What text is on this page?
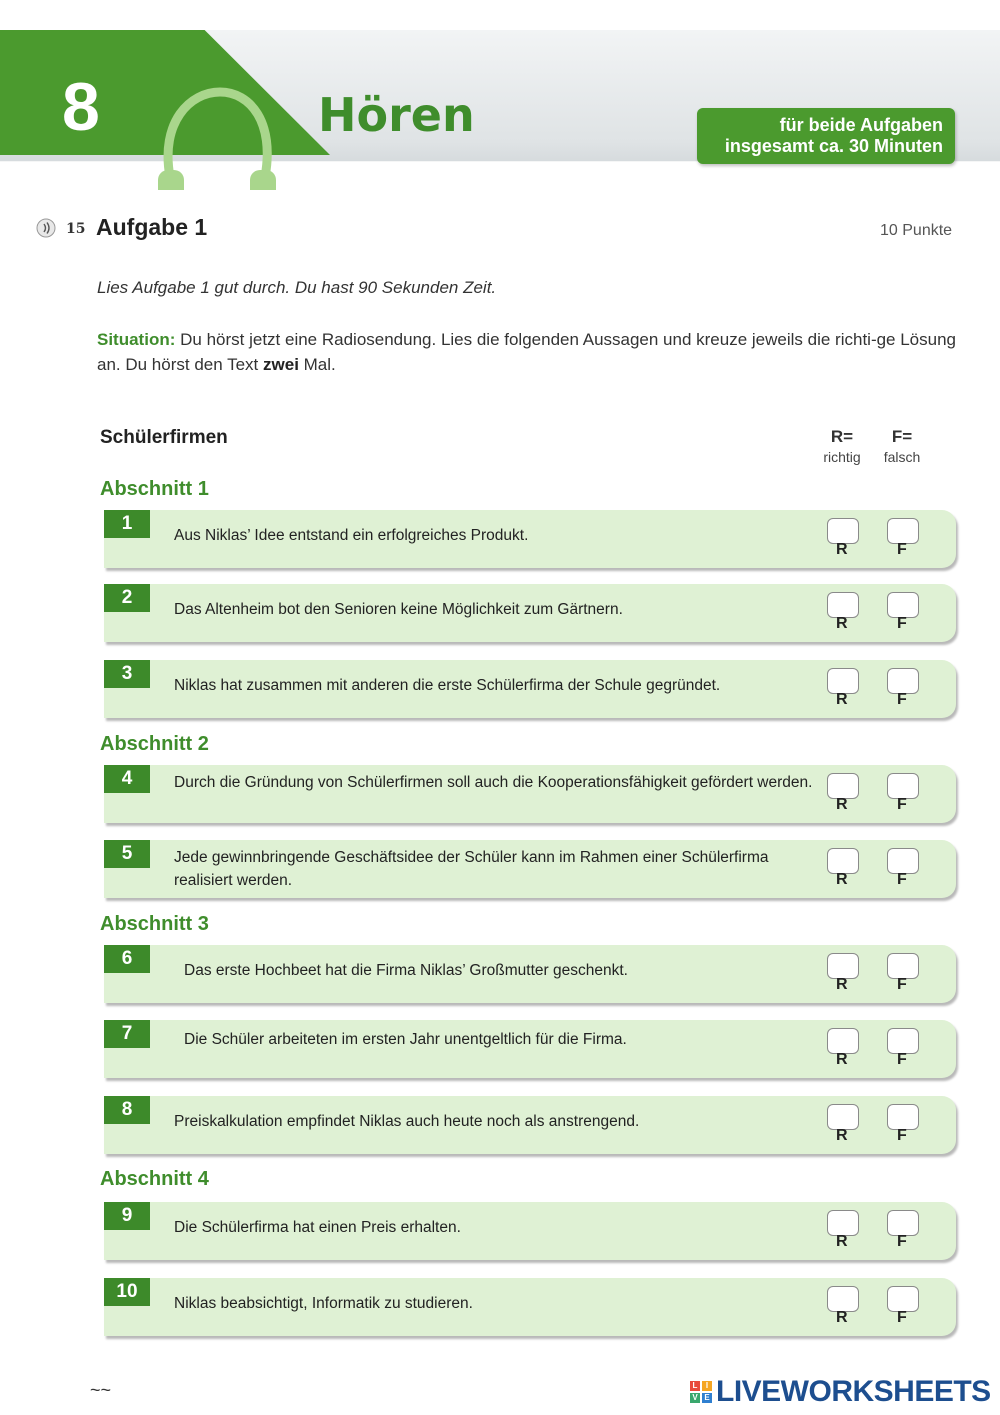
8	Hören	für beide Aufgaben
insgesamt ca. 30 Minuten
15 Aufgabe 1	10 Punkte
Lies Aufgabe 1 gut durch. Du hast 90 Sekunden Zeit.
Situation: Du hörst jetzt eine Radiosendung. Lies die folgenden Aussagen und kreuze jeweils die richti-ge Lösung an. Du hörst den Text zwei Mal.
Schülerfirmen	R=
richtig
F=
falsch
Abschnitt 1
1
Aus Niklas’ Idee entstand ein erfolgreiches Produkt.
R	F
2
Das Altenheim bot den Senioren keine Möglichkeit zum Gärtnern.
R	F
3
Niklas hat zusammen mit anderen die erste Schülerfirma der Schule gegründet.
R	F
Abschnitt 2
4	Durch die Gründung von Schülerfirmen soll auch die Kooperationsfähigkeit gefördert werden.
R	F
5	Jede gewinnbringende Geschäftsidee der Schüler kann im Rahmen einer Schülerfirma realisiert werden.	R	F
Abschnitt 3
6
Das erste Hochbeet hat die Firma Niklas’ Großmutter geschenkt.
R	F
7	Die Schüler arbeiteten im ersten Jahr unentgeltlich für die Firma.
R	F
8
Preiskalkulation empfindet Niklas auch heute noch als anstrengend.
R	F
Abschnitt 4
9
Die Schülerfirma hat einen Preis erhalten.
R	F
10
Niklas beabsichtigt, Informatik zu studieren.
R	F
~~	L	I
V E LIVEWORKSHEETS
